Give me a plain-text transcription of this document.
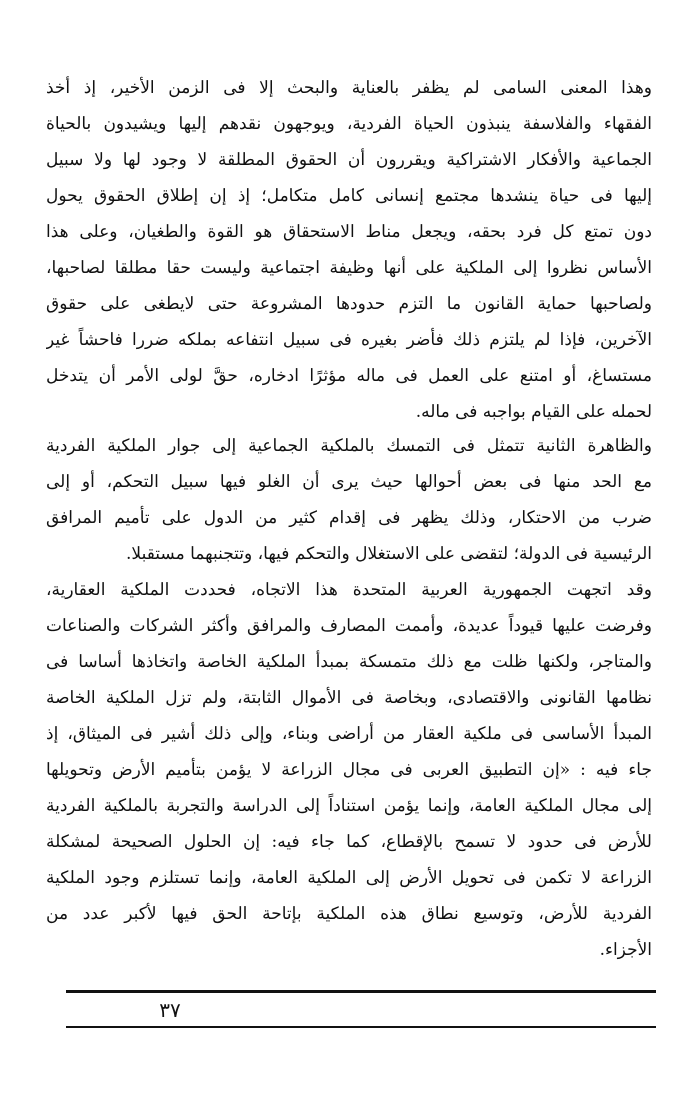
وهذا المعنى السامى لم يظفر بالعناية والبحث إلا فى الزمن الأخير، إذ أخذ
الفقهاء والفلاسفة ينبذون الحياة الفردية، ويوجهون نقدهم إليها ويشيدون بالحياة
الجماعية والأفكار الاشتراكية ويقررون أن الحقوق المطلقة لا وجود لها ولا سبيل
إليها فى حياة ينشدها مجتمع إنسانى كامل متكامل؛ إذ إن إطلاق الحقوق يحول
دون تمتع كل فرد بحقه، ويجعل مناط الاستحقاق هو القوة والطغيان، وعلى هذا
الأساس نظروا إلى الملكية على أنها وظيفة اجتماعية وليست حقا مطلقا لصاحبها،
ولصاحبها حماية القانون ما التزم حدودها المشروعة حتى لايطغى على حقوق
الآخرين، فإذا لم يلتزم ذلك فأضر بغيره فى سبيل انتفاعه بملكه ضررا فاحشاً غير
مستساغ، أو امتنع على العمل فى ماله مؤثرًا ادخاره، حقَّ لولى الأمر أن يتدخل
لحمله على القيام بواجبه فى ماله.
والظاهرة الثانية تتمثل فى التمسك بالملكية الجماعية إلى جوار الملكية الفردية
مع الحد منها فى بعض أحوالها حيث يرى أن الغلو فيها سبيل التحكم، أو إلى
ضرب من الاحتكار، وذلك يظهر فى إقدام كثير من الدول على تأميم المرافق
الرئيسية فى الدولة؛ لتقضى على الاستغلال والتحكم فيها، وتتجنبهما مستقبلا.
وقد اتجهت الجمهورية العربية المتحدة هذا الاتجاه، فحددت الملكية العقارية،
وفرضت عليها قيوداً عديدة، وأممت المصارف والمرافق وأكثر الشركات والصناعات
والمتاجر، ولكنها ظلت مع ذلك متمسكة بمبدأ الملكية الخاصة واتخاذها أساسا فى
نظامها القانونى والاقتصادى، وبخاصة فى الأموال الثابتة، ولم تزل الملكية الخاصة
المبدأ الأساسى فى ملكية العقار من أراضى وبناء، وإلى ذلك أشير فى الميثاق، إذ
جاء فيه : «إن التطبيق العربى فى مجال الزراعة لا يؤمن بتأميم الأرض وتحويلها
إلى مجال الملكية العامة، وإنما يؤمن استناداً إلى الدراسة والتجربة بالملكية الفردية
للأرض فى حدود لا تسمح بالإقطاع، كما جاء فيه: إن الحلول الصحيحة لمشكلة
الزراعة لا تكمن فى تحويل الأرض إلى الملكية العامة، وإنما تستلزم وجود الملكية
الفردية للأرض، وتوسيع نطاق هذه الملكية بإتاحة الحق فيها لأكبر عدد من
الأجزاء.
٣٧
